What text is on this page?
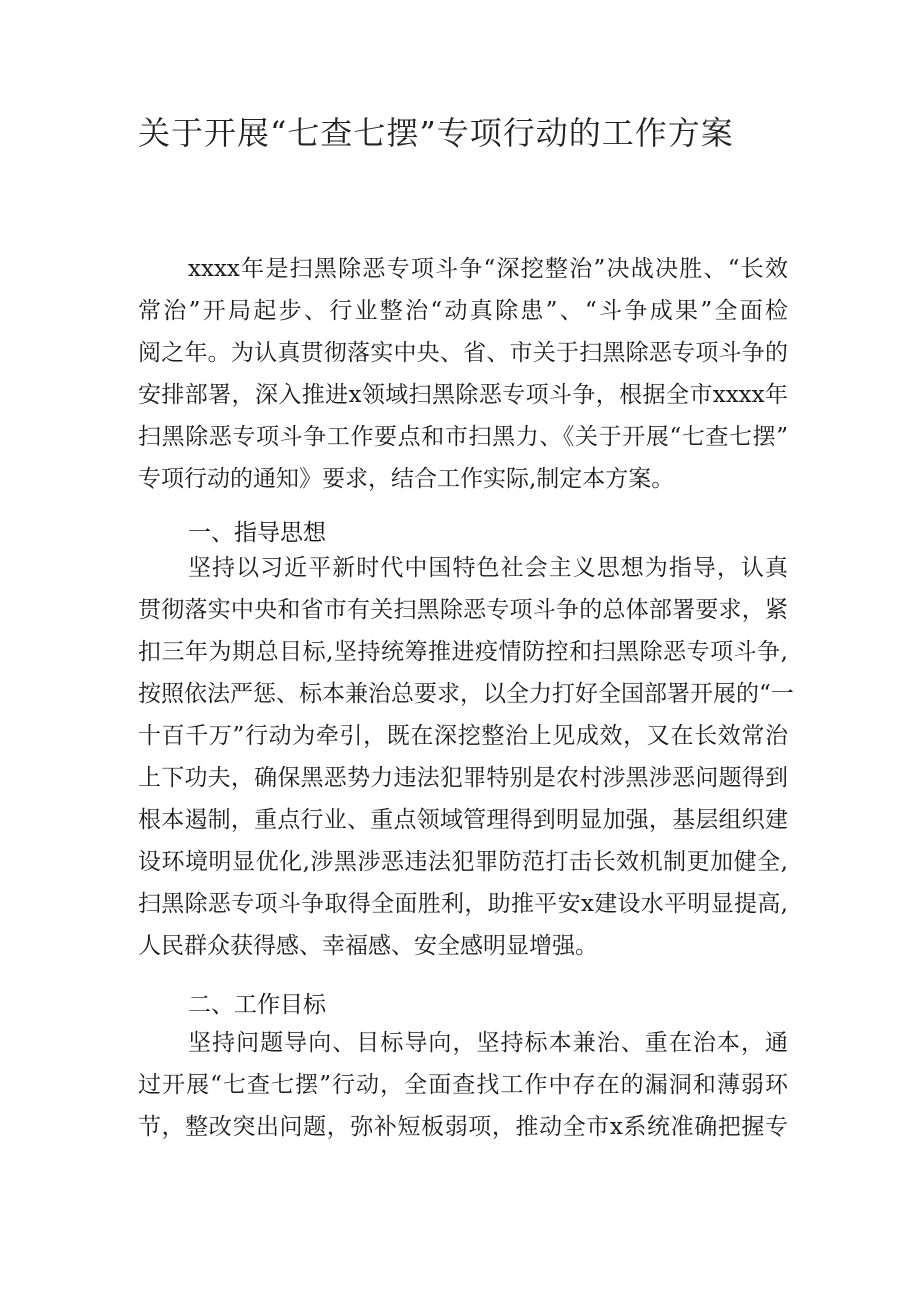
关于开展“七查七摆”专项行动的工作方案
xxxx年是扫黑除恶专项斗争“深挖整治”决战决胜、“长效
常治”开局起步、行业整治“动真除患”、“斗争成果”全面检
阅之年。为认真贯彻落实中央、省、市关于扫黑除恶专项斗争的
安排部署，深入推进x领域扫黑除恶专项斗争，根据全市xxxx年
扫黑除恶专项斗争工作要点和市扫黑力、《关于开展“七查七摆”
专项行动的通知》要求，结合工作实际,制定本方案。
一、指导思想
坚持以习近平新时代中国特色社会主义思想为指导，认真
贯彻落实中央和省市有关扫黑除恶专项斗争的总体部署要求，紧
扣三年为期总目标,坚持统筹推进疫情防控和扫黑除恶专项斗争,
按照依法严惩、标本兼治总要求，以全力打好全国部署开展的“一
十百千万”行动为牵引，既在深挖整治上见成效，又在长效常治
上下功夫，确保黑恶势力违法犯罪特别是农村涉黑涉恶问题得到
根本遏制，重点行业、重点领域管理得到明显加强，基层组织建
设环境明显优化,涉黑涉恶违法犯罪防范打击长效机制更加健全,
扫黑除恶专项斗争取得全面胜利，助推平安x建设水平明显提高,
人民群众获得感、幸福感、安全感明显增强。
二、工作目标
坚持问题导向、目标导向，坚持标本兼治、重在治本，通
过开展“七查七摆”行动，全面查找工作中存在的漏洞和薄弱环
节，整改突出问题，弥补短板弱项，推动全市x系统准确把握专
